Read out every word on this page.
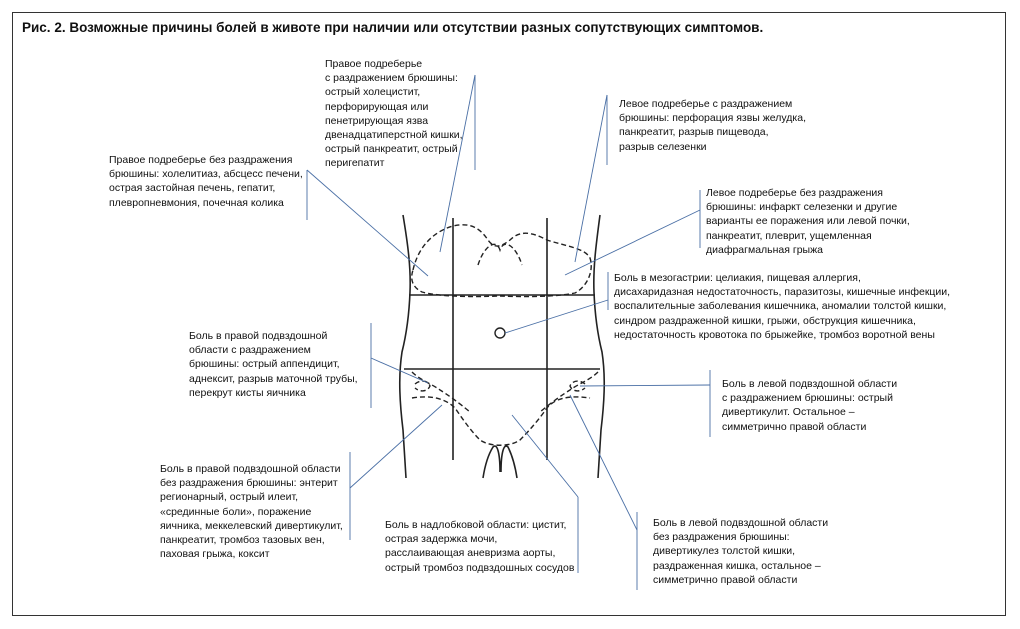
Рис. 2. Возможные причины болей в животе при наличии или отсутствии разных сопутствующих симптомов.
Правое подреберье
с раздражением брюшины:
острый холецистит,
перфорирующая или
пенетрирующая язва
двенадцатиперстной кишки,
острый панкреатит, острый
перигепатит
Левое подреберье с раздражением
брюшины: перфорация язвы желудка,
панкреатит, разрыв пищевода,
разрыв селезенки
Правое подреберье без раздражения
брюшины: холелитиаз, абсцесс печени,
острая застойная печень, гепатит,
плевропневмония, почечная колика
Левое подреберье без раздражения
брюшины: инфаркт селезенки и другие
варианты ее поражения или левой почки,
панкреатит, плеврит, ущемленная
диафрагмальная грыжа
Боль в мезогастрии: целиакия, пищевая аллергия,
дисахаридазная недостаточность, паразитозы, кишечные инфекции,
воспалительные заболевания кишечника, аномалии толстой кишки,
синдром раздраженной кишки, грыжи, обструкция кишечника,
недостаточность кровотока по брыжейке, тромбоз воротной вены
Боль в правой подвздошной
области с раздражением
брюшины: острый аппендицит,
аднексит, разрыв маточной трубы,
перекрут кисты яичника
Боль в левой подвздошной области
с раздражением брюшины: острый
дивертикулит. Остальное –
симметрично правой области
Боль в правой подвздошной области
без раздражения брюшины: энтерит
регионарный, острый илеит,
«срединные боли», поражение
яичника, меккелевский дивертикулит,
панкреатит, тромбоз тазовых вен,
паховая грыжа, коксит
Боль в надлобковой области: цистит,
острая задержка мочи,
расслаивающая аневризма аорты,
острый тромбоз подвздошных сосудов
Боль в левой подвздошной области
без раздражения брюшины:
дивертикулез толстой кишки,
раздраженная кишка, остальное –
симметрично правой области
